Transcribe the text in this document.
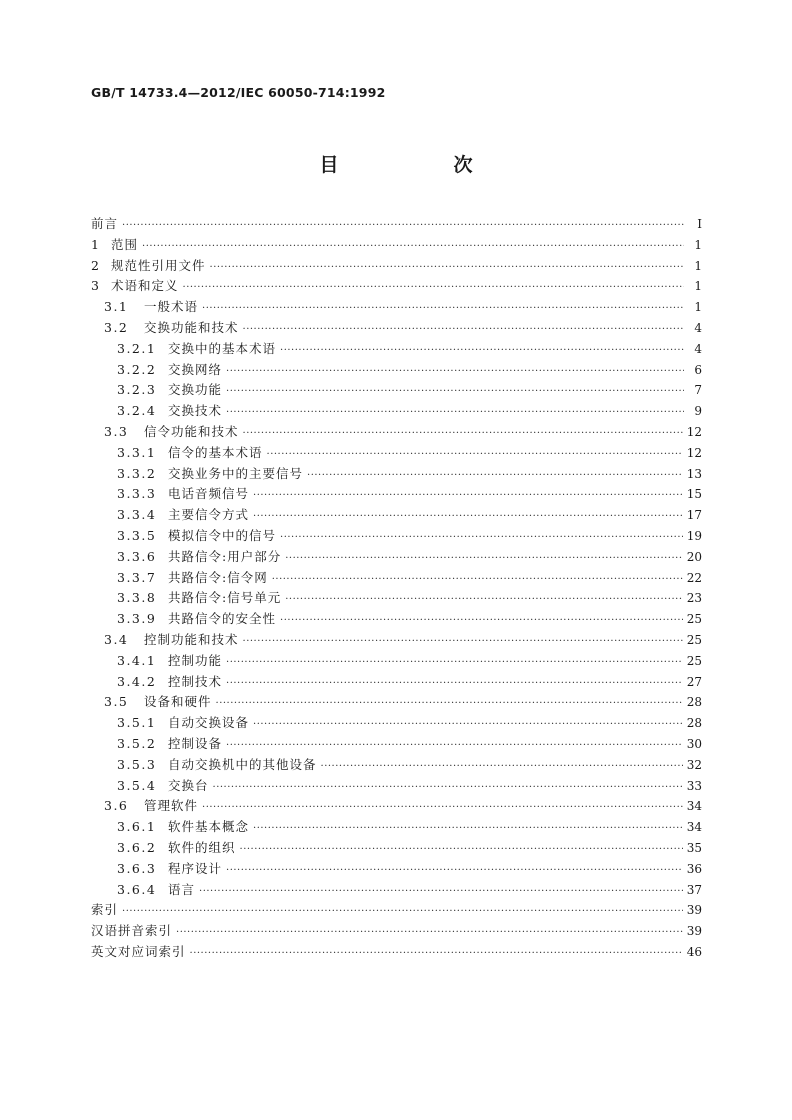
GB/T 14733.4—2012/IEC 60050-714:1992
目　次
前言 ·····	Ⅰ
1 范围 ·····	1
2 规范性引用文件 ·····	1
3 术语和定义 ·····	1
3.1	一般术语 ·····	1
3.2	交换功能和技术 ·····	4
3.2.1 交换中的基本术语 ·····	4
3.2.2 交换网络 ·····	6
3.2.3 交换功能 ·····	7
3.2.4 交换技术 ·····	9
3.3	信令功能和技术 ·····	12
3.3.1 信令的基本术语 ·····	12
3.3.2 交换业务中的主要信号 ·····	13
3.3.3 电话音频信号 ·····	15
3.3.4 主要信令方式 ·····	17
3.3.5 模拟信令中的信号 ·····	19
3.3.6 共路信令:用户部分 ·····	20
3.3.7 共路信令:信令网 ·····	22
3.3.8 共路信令:信号单元 ·····	23
3.3.9 共路信令的安全性 ·····	25
3.4	控制功能和技术 ·····	25
3.4.1 控制功能 ·····	25
3.4.2 控制技术 ·····	27
3.5	设备和硬件 ·····	28
3.5.1 自动交换设备 ·····	28
3.5.2 控制设备 ·····	30
3.5.3 自动交换机中的其他设备 ·····	32
3.5.4 交换台 ·····	33
3.6	管理软件 ·····	34
3.6.1 软件基本概念 ·····	34
3.6.2 软件的组织 ·····	35
3.6.3 程序设计 ·····	36
3.6.4 语言 ·····	37
索引 ·····	39
汉语拼音索引 ·····	39
英文对应词索引 ·····	46
